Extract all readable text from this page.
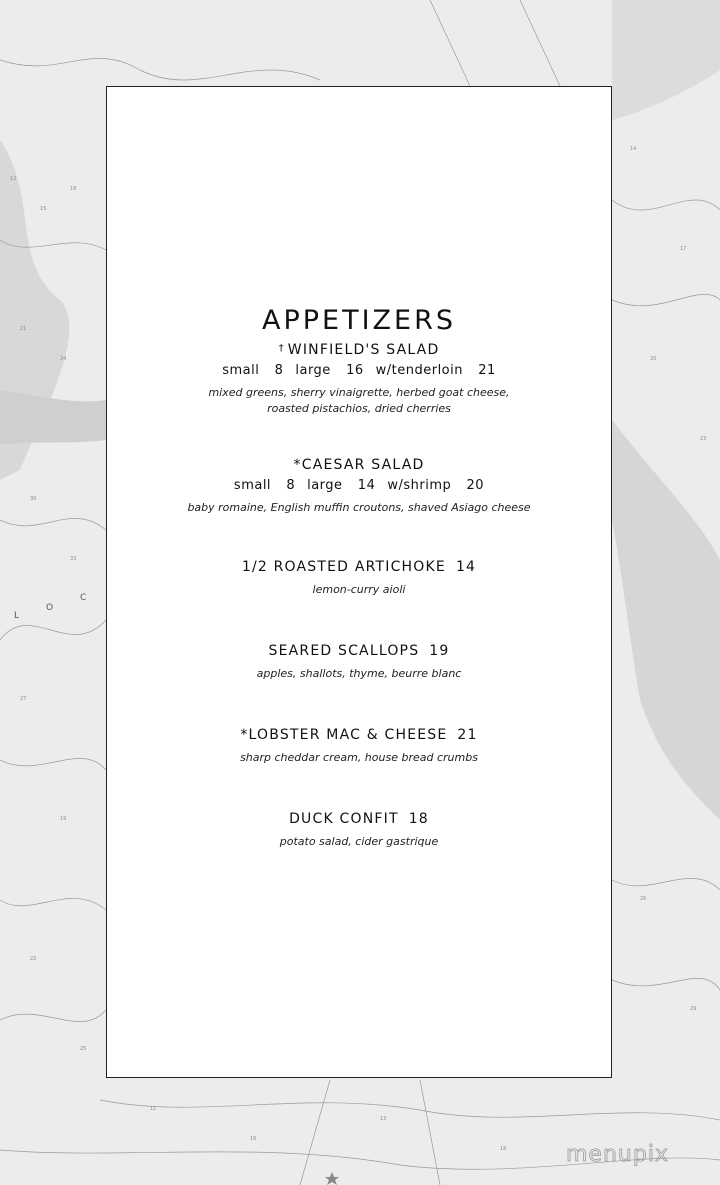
12
15
18
21
24
30
33
27
19
22
25
14
17
20
23
26
29
11
16
13
18
L
O
C
APPETIZERS
† WINFIELD'S SALAD
small  8 large  16 w/tenderloin  21
mixed greens, sherry vinaigrette, herbed goat cheese,
roasted pistachios, dried cherries
*CAESAR SALAD
small  8 large  14 w/shrimp  20
baby romaine, English muffin croutons, shaved Asiago cheese
1/2 ROASTED ARTICHOKE 14
lemon-curry aioli
SEARED SCALLOPS 19
apples, shallots, thyme, beurre blanc
*LOBSTER MAC & CHEESE 21
sharp cheddar cream, house bread crumbs
DUCK CONFIT 18
potato salad, cider gastrique
menupix
